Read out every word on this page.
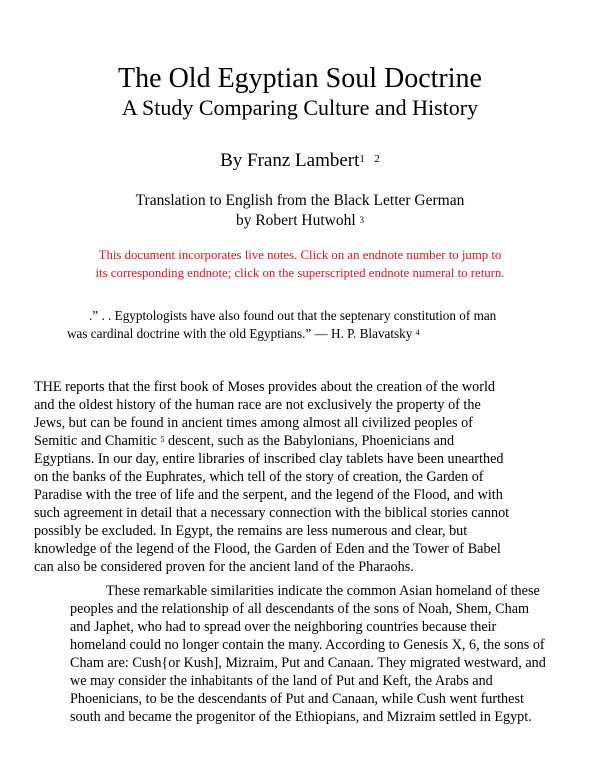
The Old Egyptian Soul Doctrine
A Study Comparing Culture and History
By Franz Lambert$^1$ $^2$
Translation to English from the Black Letter German
by Robert Hutwohl $^3$
This document incorporates live notes. Click on an endnote number to jump to
its corresponding endnote; click on the superscripted endnote numeral to return.
.” . . Egyptologists have also found out that the septenary constitution of man
was cardinal doctrine with the old Egyptians.” — H. P. Blavatsky $^4$
THE reports that the first book of Moses provides about the creation of the world
and the oldest history of the human race are not exclusively the property of the
Jews, but can be found in ancient times among almost all civilized peoples of
Semitic and Chamitic $^5$ descent, such as the Babylonians, Phoenicians and
Egyptians. In our day, entire libraries of inscribed clay tablets have been unearthed
on the banks of the Euphrates, which tell of the story of creation, the Garden of
Paradise with the tree of life and the serpent, and the legend of the Flood, and with
such agreement in detail that a necessary connection with the biblical stories cannot
possibly be excluded. In Egypt, the remains are less numerous and clear, but
knowledge of the legend of the Flood, the Garden of Eden and the Tower of Babel
can also be considered proven for the ancient land of the Pharaohs.
These remarkable similarities indicate the common Asian homeland of these
peoples and the relationship of all descendants of the sons of Noah, Shem, Cham
and Japhet, who had to spread over the neighboring countries because their
homeland could no longer contain the many. According to Genesis X, 6, the sons of
Cham are: Cush{or Kush], Mizraim, Put and Canaan. They migrated westward, and
we may consider the inhabitants of the land of Put and Keft, the Arabs and
Phoenicians, to be the descendants of Put and Canaan, while Cush went furthest
south and became the progenitor of the Ethiopians, and Mizraim settled in Egypt.
